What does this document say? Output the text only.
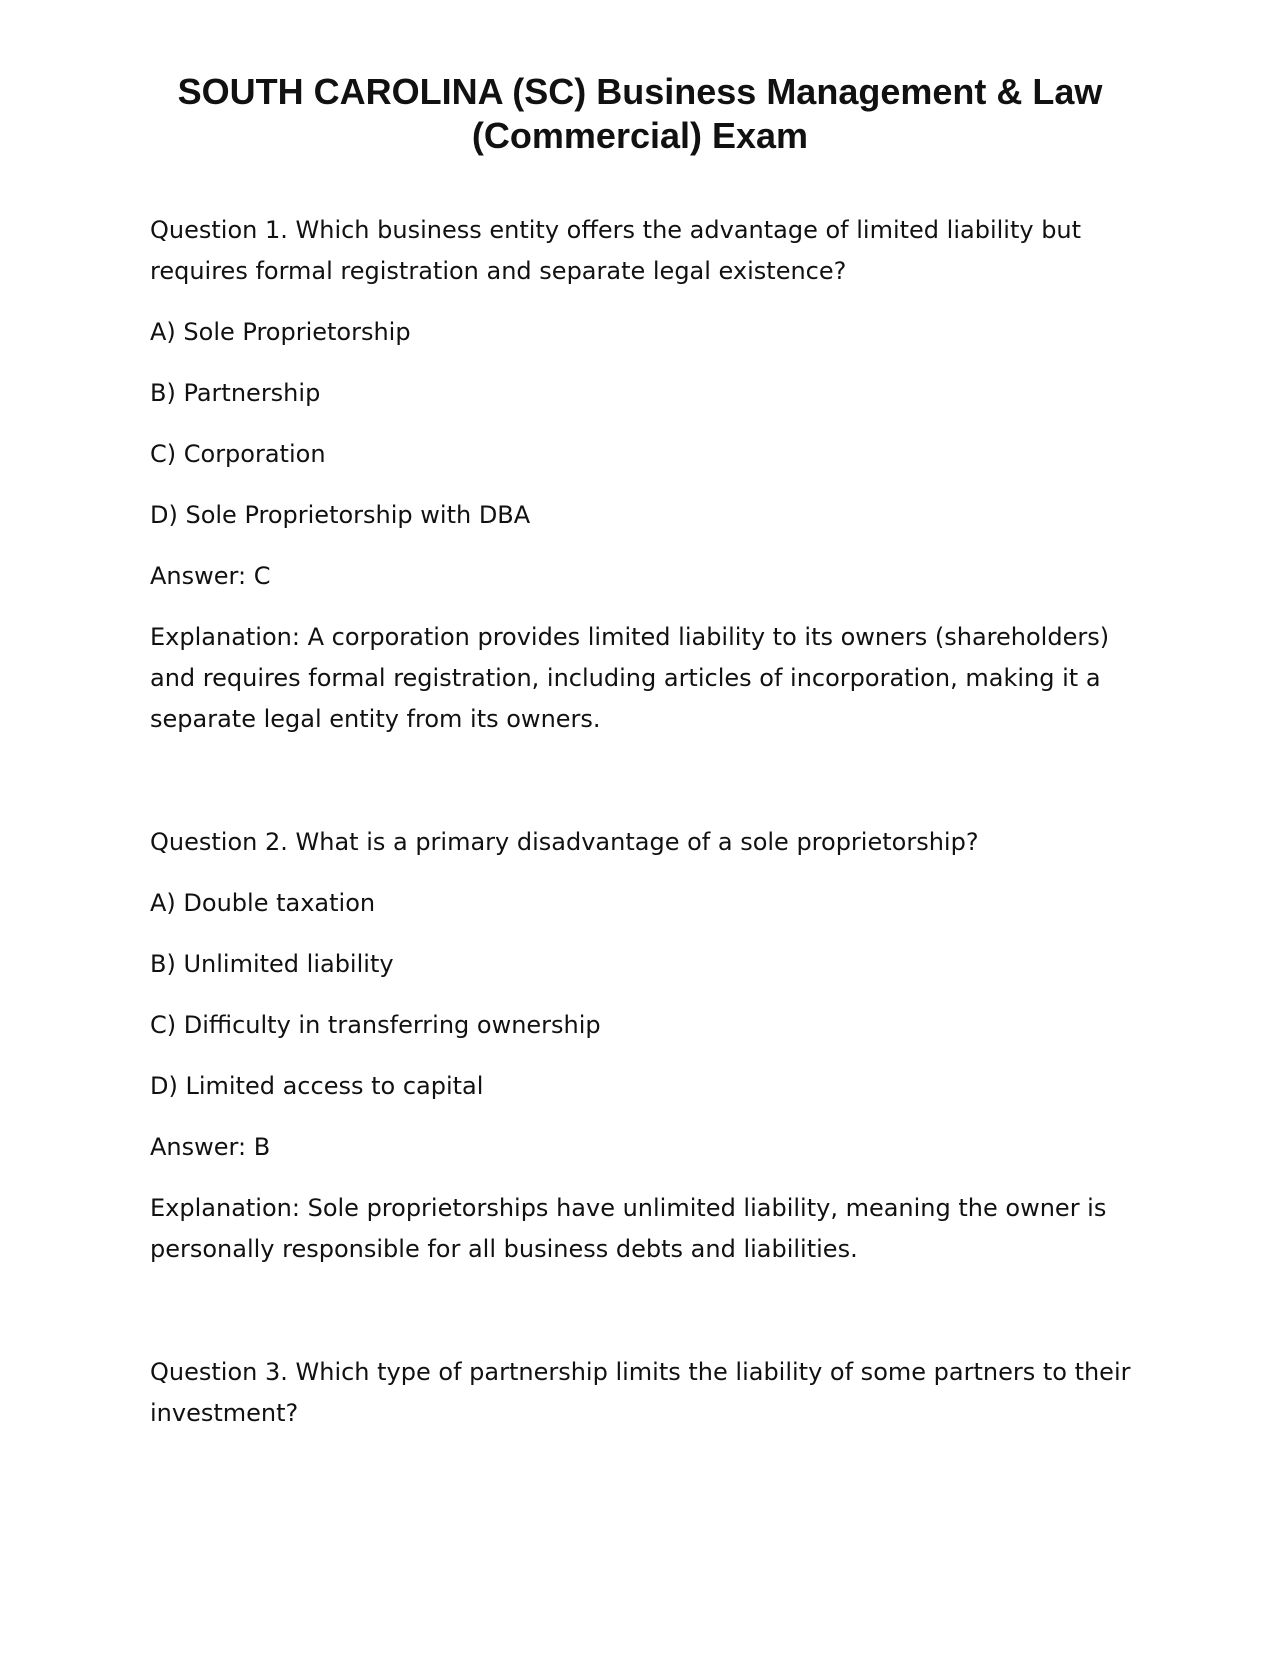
SOUTH CAROLINA (SC) Business Management & Law (Commercial) Exam

Question 1. Which business entity offers the advantage of limited liability but requires formal registration and separate legal existence?

A) Sole Proprietorship

B) Partnership

C) Corporation

D) Sole Proprietorship with DBA

Answer: C

Explanation: A corporation provides limited liability to its owners (shareholders) and requires formal registration, including articles of incorporation, making it a separate legal entity from its owners.

Question 2. What is a primary disadvantage of a sole proprietorship?

A) Double taxation

B) Unlimited liability

C) Difficulty in transferring ownership

D) Limited access to capital

Answer: B

Explanation: Sole proprietorships have unlimited liability, meaning the owner is personally responsible for all business debts and liabilities.

Question 3. Which type of partnership limits the liability of some partners to their investment?
